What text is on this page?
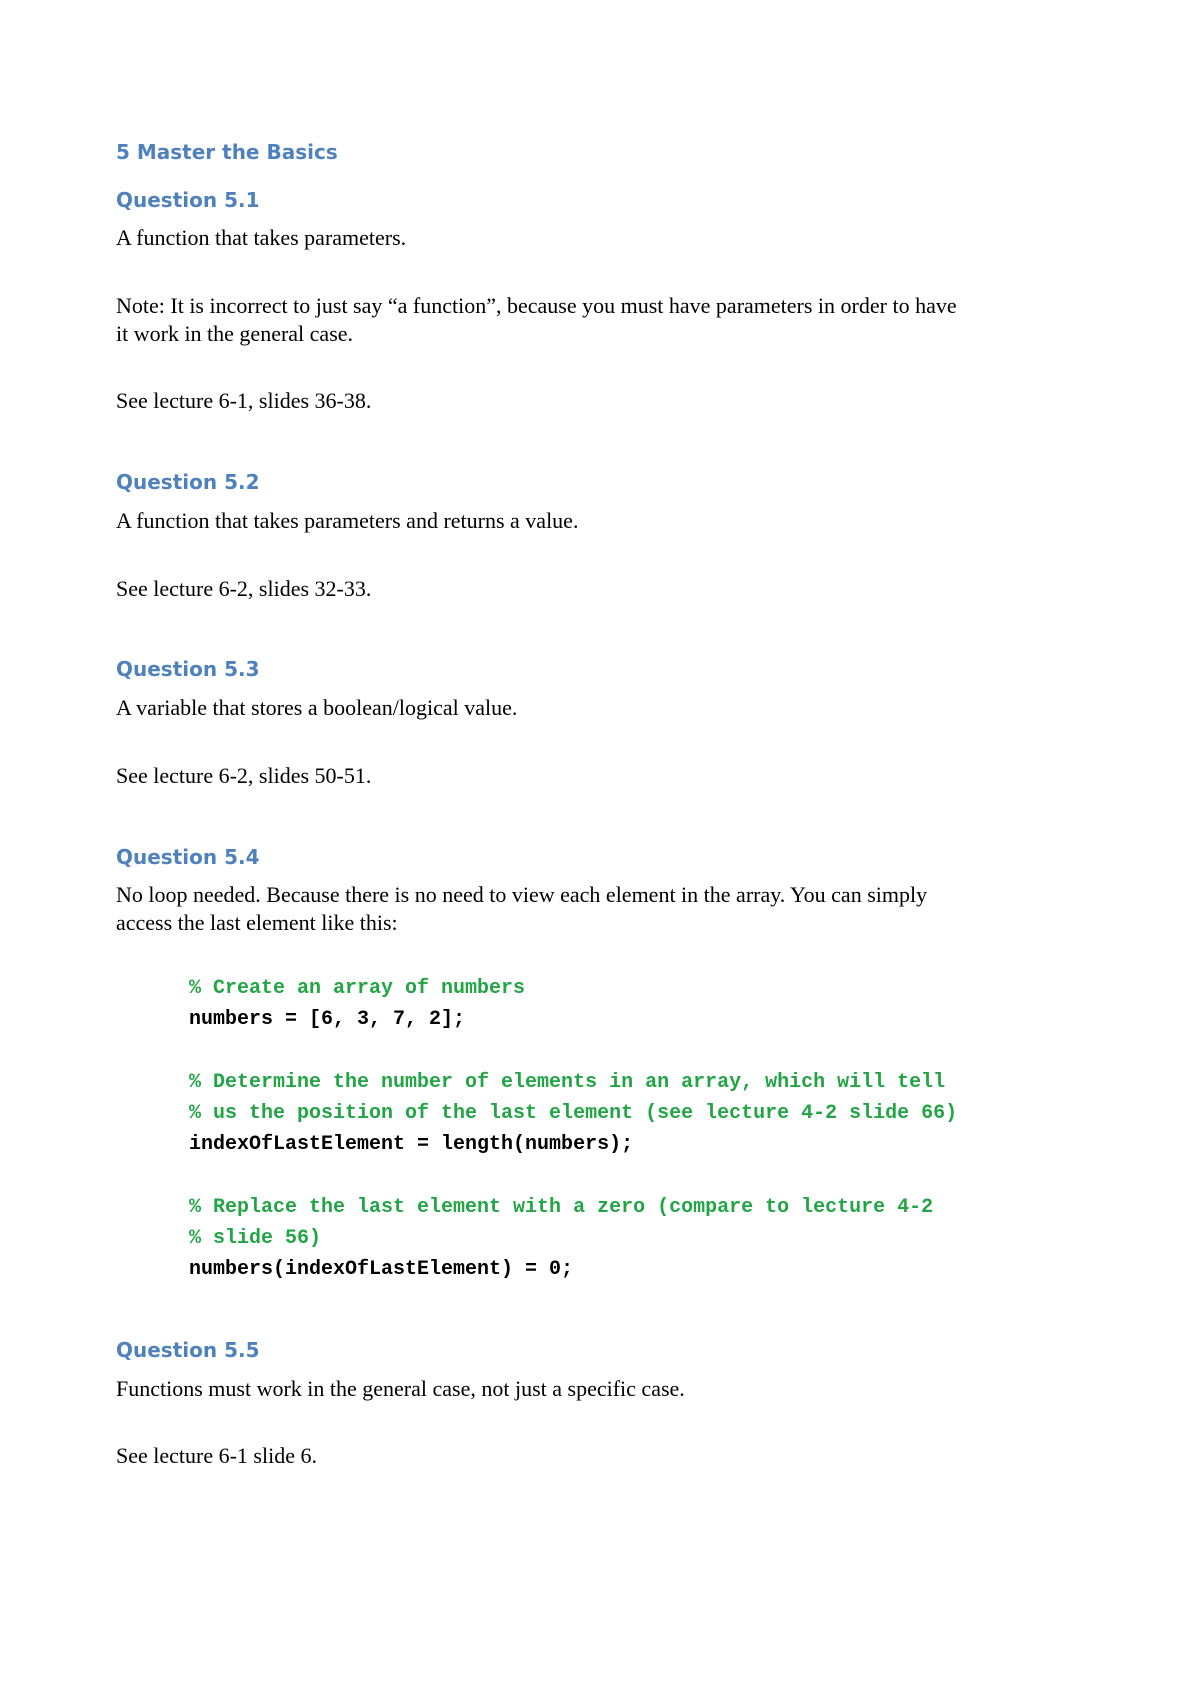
5 Master the Basics
Question 5.1

A function that takes parameters.

Note: It is incorrect to just say “a function”, because you must have parameters in order to have

it work in the general case.

See lecture 6-1, slides 36-38.

Question 5.2

A function that takes parameters and returns a value.

See lecture 6-2, slides 32-33.

Question 5.3

A variable that stores a boolean/logical value.

See lecture 6-2, slides 50-51.

Question 5.4

No loop needed. Because there is no need to view each element in the array. You can simply

access the last element like this:

% Create an array of numbers

numbers = [6, 3, 7, 2];

% Determine the number of elements in an array, which will tell

% us the position of the last element (see lecture 4-2 slide 66)

indexOfLastElement = length(numbers);

% Replace the last element with a zero (compare to lecture 4-2

% slide 56)

numbers(indexOfLastElement) = 0;

Question 5.5

Functions must work in the general case, not just a specific case.

See lecture 6-1 slide 6.
